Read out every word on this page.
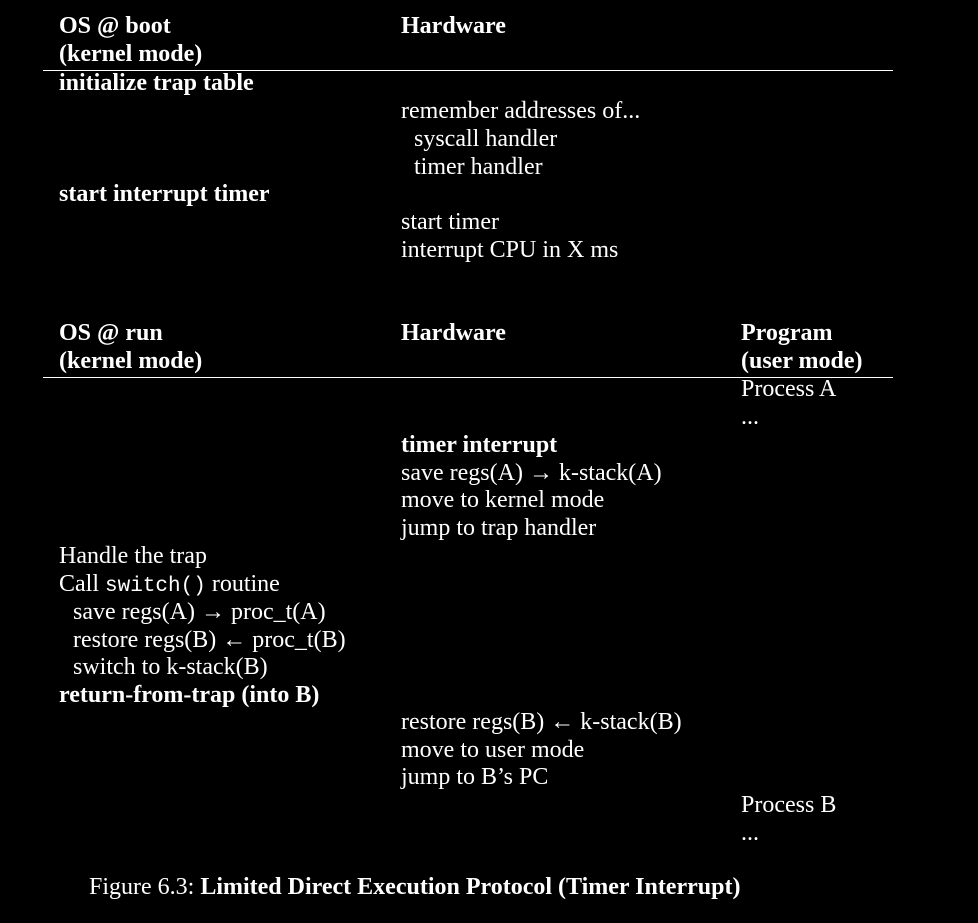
OS @ boot
(kernel mode)
Hardware
initialize trap table
remember addresses of...
syscall handler
timer handler
start interrupt timer
start timer
interrupt CPU in X ms
OS @ run
(kernel mode)
Hardware	Program
(user mode)
Process A
...
timer interrupt
save regs(A) → k-stack(A)
move to kernel mode
jump to trap handler
Handle the trap
Call switch() routine
save regs(A) → proc_t(A)
restore regs(B) ← proc_t(B)
switch to k-stack(B)
return-from-trap (into B)
restore regs(B) ← k-stack(B)
move to user mode
jump to B’s PC
Process B
...
Figure 6.3: Limited Direct Execution Protocol (Timer Interrupt)
